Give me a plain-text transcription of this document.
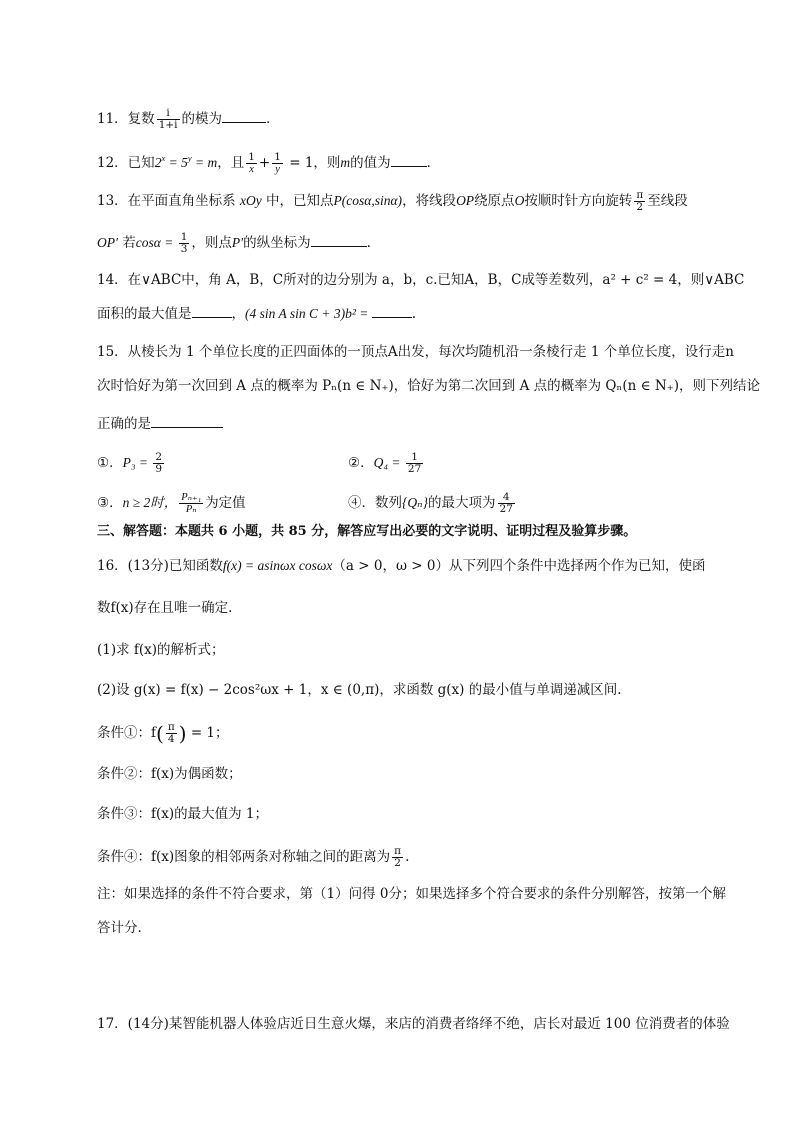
11．复数 $\frac{i}{1+i}$ 的模为	．
12．已知$2^x = 5^y = m$，且 $\frac{1}{x} + \frac{1}{y} = 1$，则m的值为	．
13．在平面直角坐标系 xOy 中，已知点P(cosα,sinα)，将线段OP绕原点O按顺时针方向旋转 $\frac{\pi}{2}$ 至线段
OP′ 若$\cos\alpha = \frac{1}{3}$ ，则点P′的纵坐标为	.
14．在∨ABC中，角 A，B，C所对的边分别为 a，b，c.已知A，B，C成等差数列，a² + c² = 4，则∨ABC
面积的最大值是	，(4 sin A sin C + 3)b² =	.
15．从棱长为 1 个单位长度的正四面体的一顶点A出发，每次均随机沿一条棱行走 1 个单位长度，设行走n
次时恰好为第一次回到 A 点的概率为 Pₙ(n ∈ N₊)，恰好为第二次回到 A 点的概率为 Qₙ(n ∈ N₊)，则下列结论
正确的是
①．$P_3 = \frac{2}{9}$	②．$Q_4 = \frac{1}{27}$
③．n ≥ 2时， $\frac{\text{Pₙ₊₁}}{\text{Pₙ}}$ 为定值	④．数列{Qₙ}的最大项为 $\frac{4}{27}$
三、解答题：本题共 6 小题，共 85 分，解答应写出必要的文字说明、证明过程及验算步骤。
16．(13分)已知函数f(x) = asinωx cosωx（a > 0，ω > 0）从下列四个条件中选择两个作为已知，使函
数f(x)存在且唯一确定.
(1)求 f(x)的解析式；
(2)设 g(x) = f(x) − 2cos²ωx + 1，x ∈ (0,π)，求函数 g(x) 的最小值与单调递减区间.
条件①：$f( \frac{\pi}{4}$ ) = 1；
条件②：f(x)为偶函数；
条件③：f(x)的最大值为 1；
条件④：f(x)图象的相邻两条对称轴之间的距离为 $\frac{\pi}{2}$ .
注：如果选择的条件不符合要求，第（1）问得 0分；如果选择多个符合要求的条件分别解答，按第一个解
答计分.
17．(14分)某智能机器人体验店近日生意火爆，来店的消费者络绎不绝，店长对最近 100 位消费者的体验
